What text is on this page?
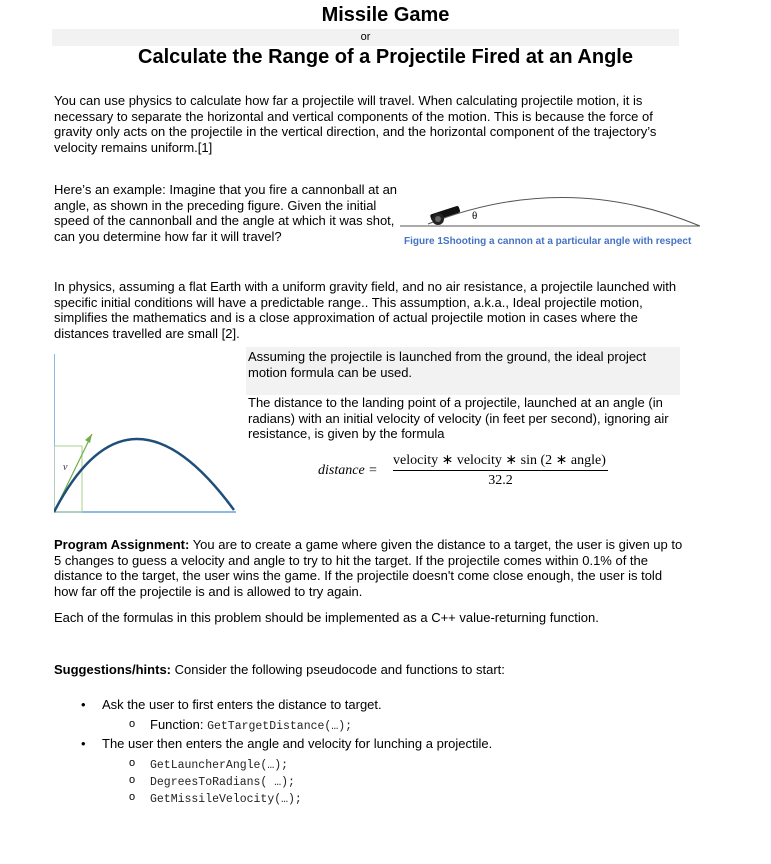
Missile Game
or
Calculate the Range of a Projectile Fired at an Angle
You can use physics to calculate how far a projectile will travel. When calculating projectile motion, it is necessary to separate the horizontal and vertical components of the motion. This is because the force of gravity only acts on the projectile in the vertical direction, and the horizontal component of the trajectory’s velocity remains uniform.[1]
Here’s an example: Imagine that you fire a cannonball at an angle, as shown in the preceding figure. Given the initial speed of the cannonball and the angle at which it was shot, can you determine how far it will travel?
θ
Figure 1Shooting a cannon at a particular angle with respect
In physics, assuming a flat Earth with a uniform gravity field, and no air resistance, a projectile launched with specific initial conditions will have a predictable range.. This assumption, a.k.a., Ideal projectile motion, simplifies the mathematics and is a close approximation of actual projectile motion in cases where the distances travelled are small [2].
v
Assuming the projectile is launched from the ground, the ideal project motion formula can be used.
The distance to the landing point of a projectile, launched at an angle (in radians) with an initial velocity of velocity (in feet per second), ignoring air resistance, is given by the formula
distance =
velocity ∗ velocity ∗ sin (2 ∗ angle)
32.2
Program Assignment: You are to create a game where given the distance to a target, the user is given up to 5 changes to guess a velocity and angle to try to hit the target. If the projectile comes within 0.1% of the distance to the target, the user wins the game. If the projectile doesn't come close enough, the user is told how far off the projectile is and is allowed to try again.
Each of the formulas in this problem should be implemented as a C++ value-returning function.
Suggestions/hints: Consider the following pseudocode and functions to start:
• Ask the user to first enters the distance to target.
o Function: GetTargetDistance(…);
• The user then enters the angle and velocity for lunching a projectile.
o GetLauncherAngle(…);
o DegreesToRadians( …);
o GetMissileVelocity(…);
